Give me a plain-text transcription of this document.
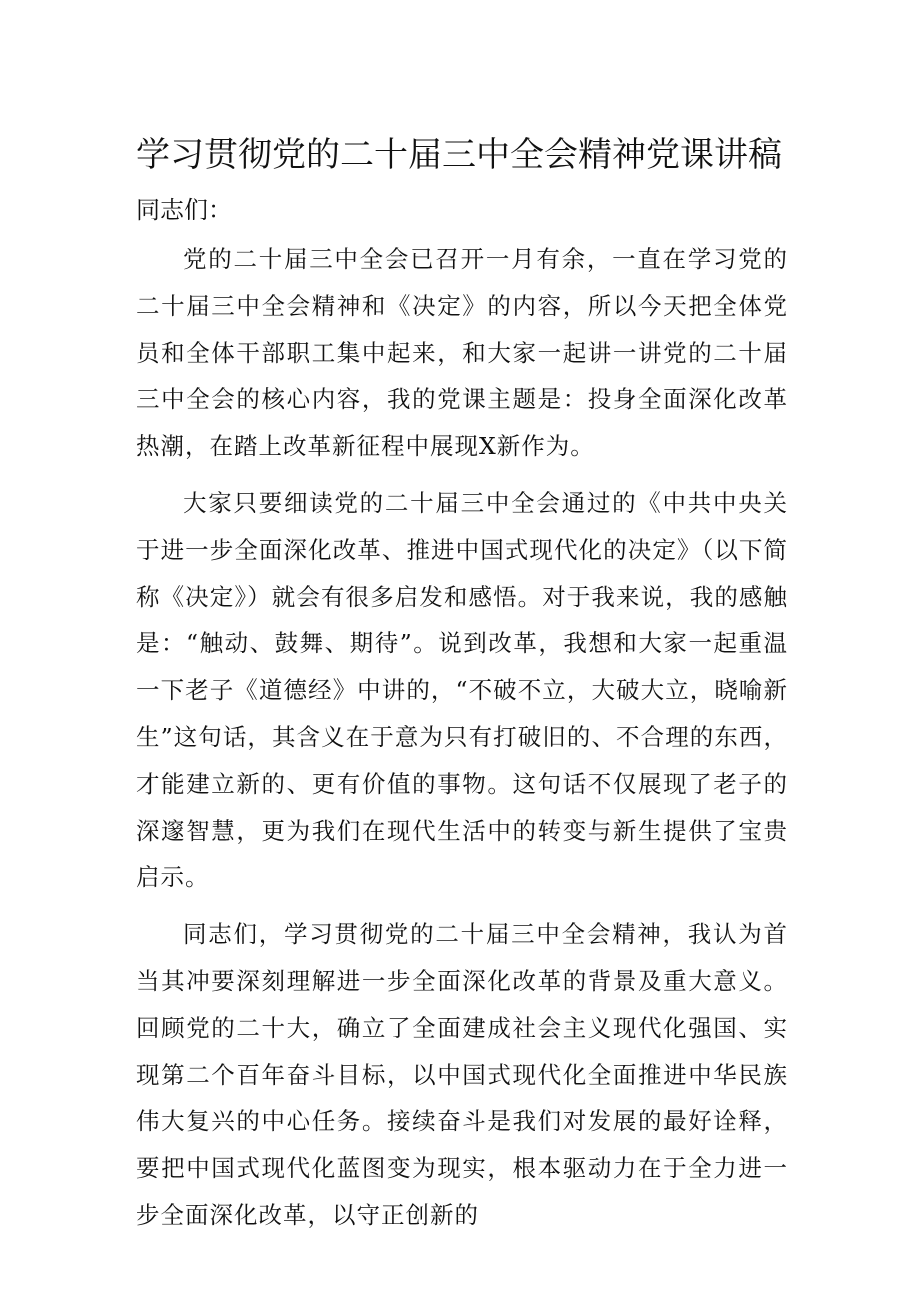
学习贯彻党的二十届三中全会精神党课讲稿

同志们：

党的二十届三中全会已召开一月有余，一直在学习党的二十届三中全会精神和《决定》的内容，所以今天把全体党员和全体干部职工集中起来，和大家一起讲一讲党的二十届三中全会的核心内容，我的党课主题是：投身全面深化改革热潮，在踏上改革新征程中展现X新作为。

大家只要细读党的二十届三中全会通过的《中共中央关于进一步全面深化改革、推进中国式现代化的决定》（以下简称《决定》）就会有很多启发和感悟。对于我来说，我的感触是：“触动、鼓舞、期待”。说到改革，我想和大家一起重温一下老子《道德经》中讲的，“不破不立，大破大立，晓喻新生”这句话，其含义在于意为只有打破旧的、不合理的东西，才能建立新的、更有价值的事物。这句话不仅展现了老子的深邃智慧，更为我们在现代生活中的转变与新生提供了宝贵启示。

同志们，学习贯彻党的二十届三中全会精神，我认为首当其冲要深刻理解进一步全面深化改革的背景及重大意义。回顾党的二十大，确立了全面建成社会主义现代化强国、实现第二个百年奋斗目标，以中国式现代化全面推进中华民族伟大复兴的中心任务。接续奋斗是我们对发展的最好诠释，要把中国式现代化蓝图变为现实，根本驱动力在于全力进一步全面深化改革，以守正创新的
